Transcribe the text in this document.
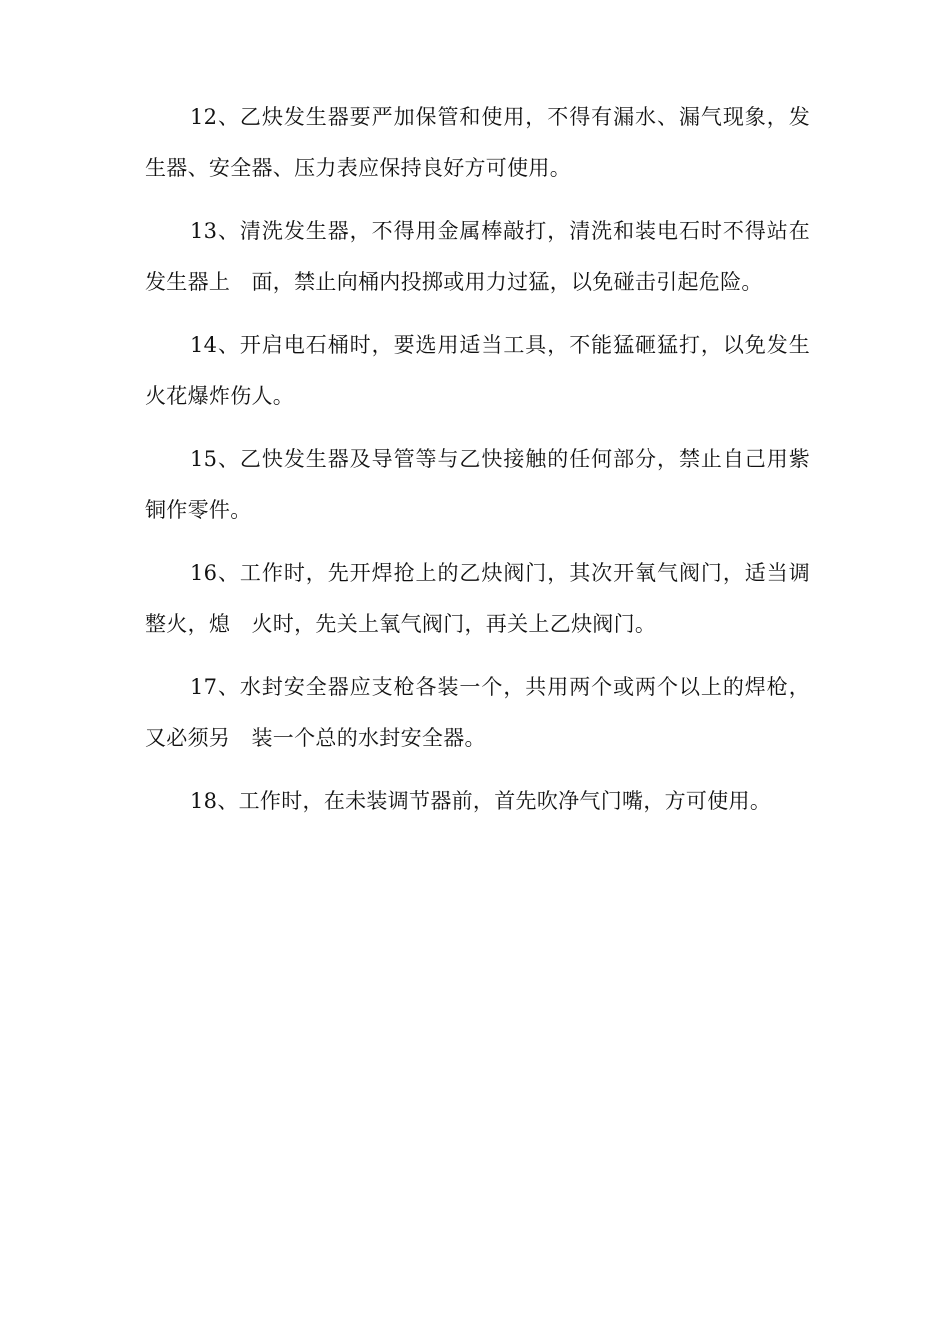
12、乙炔发生器要严加保管和使用，不得有漏水、漏气现象，发生器、安全器、压力表应保持良好方可使用。

13、清洗发生器，不得用金属棒敲打，清洗和装电石时不得站在发生器上　面，禁止向桶内投掷或用力过猛，以免碰击引起危险。

14、开启电石桶时，要选用适当工具，不能猛砸猛打，以免发生火花爆炸伤人。

15、乙快发生器及导管等与乙快接触的任何部分，禁止自己用紫铜作零件。

16、工作时，先开焊抢上的乙炔阀门，其次开氧气阀门，适当调整火，熄　火时，先关上氧气阀门，再关上乙炔阀门。

17、水封安全器应支枪各装一个，共用两个或两个以上的焊枪，又必须另　装一个总的水封安全器。

18、工作时，在未装调节器前，首先吹净气门嘴，方可使用。
